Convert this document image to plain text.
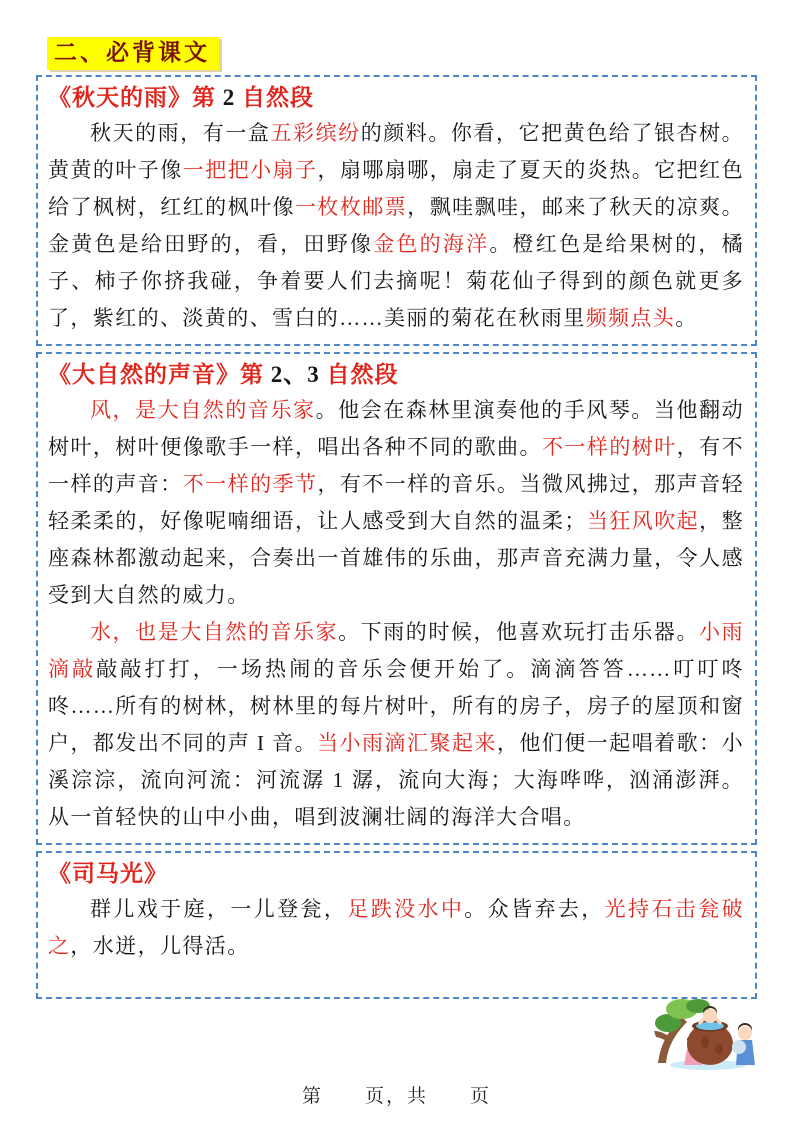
二、必背课文
《秋天的雨》第 2 自然段

秋天的雨，有一盒五彩缤纷的颜料。你看，它把黄色给了银杏树。黄黄的叶子像一把把小扇子，扇哪扇哪，扇走了夏天的炎热。它把红色给了枫树，红红的枫叶像一枚枚邮票，飘哇飘哇，邮来了秋天的凉爽。金黄色是给田野的，看，田野像金色的海洋。橙红色是给果树的，橘子、柿子你挤我碰，争着要人们去摘呢！菊花仙子得到的颜色就更多了，紫红的、淡黄的、雪白的……美丽的菊花在秋雨里频频点头。

《大自然的声音》第 2、3 自然段

风，是大自然的音乐家。他会在森林里演奏他的手风琴。当他翻动树叶，树叶便像歌手一样，唱出各种不同的歌曲。不一样的树叶，有不一样的声音：不一样的季节，有不一样的音乐。当微风拂过，那声音轻轻柔柔的，好像呢喃细语，让人感受到大自然的温柔；当狂风吹起，整座森林都激动起来，合奏出一首雄伟的乐曲，那声音充满力量，令人感受到大自然的威力。

水，也是大自然的音乐家。下雨的时候，他喜欢玩打击乐器。小雨滴敲敲敲打打，一场热闹的音乐会便开始了。滴滴答答……叮叮咚咚……所有的树林，树林里的每片树叶，所有的房子，房子的屋顶和窗户，都发出不同的声 I 音。当小雨滴汇聚起来，他们便一起唱着歌：小溪淙淙，流向河流：河流潺 1 潺，流向大海；大海哗哗，汹涌澎湃。从一首轻快的山中小曲，唱到波澜壮阔的海洋大合唱。

《司马光》

群儿戏于庭，一儿登瓮，足跌没水中。众皆弃去，光持石击瓮破之，水迸，儿得活。

第　　页，共　　页
